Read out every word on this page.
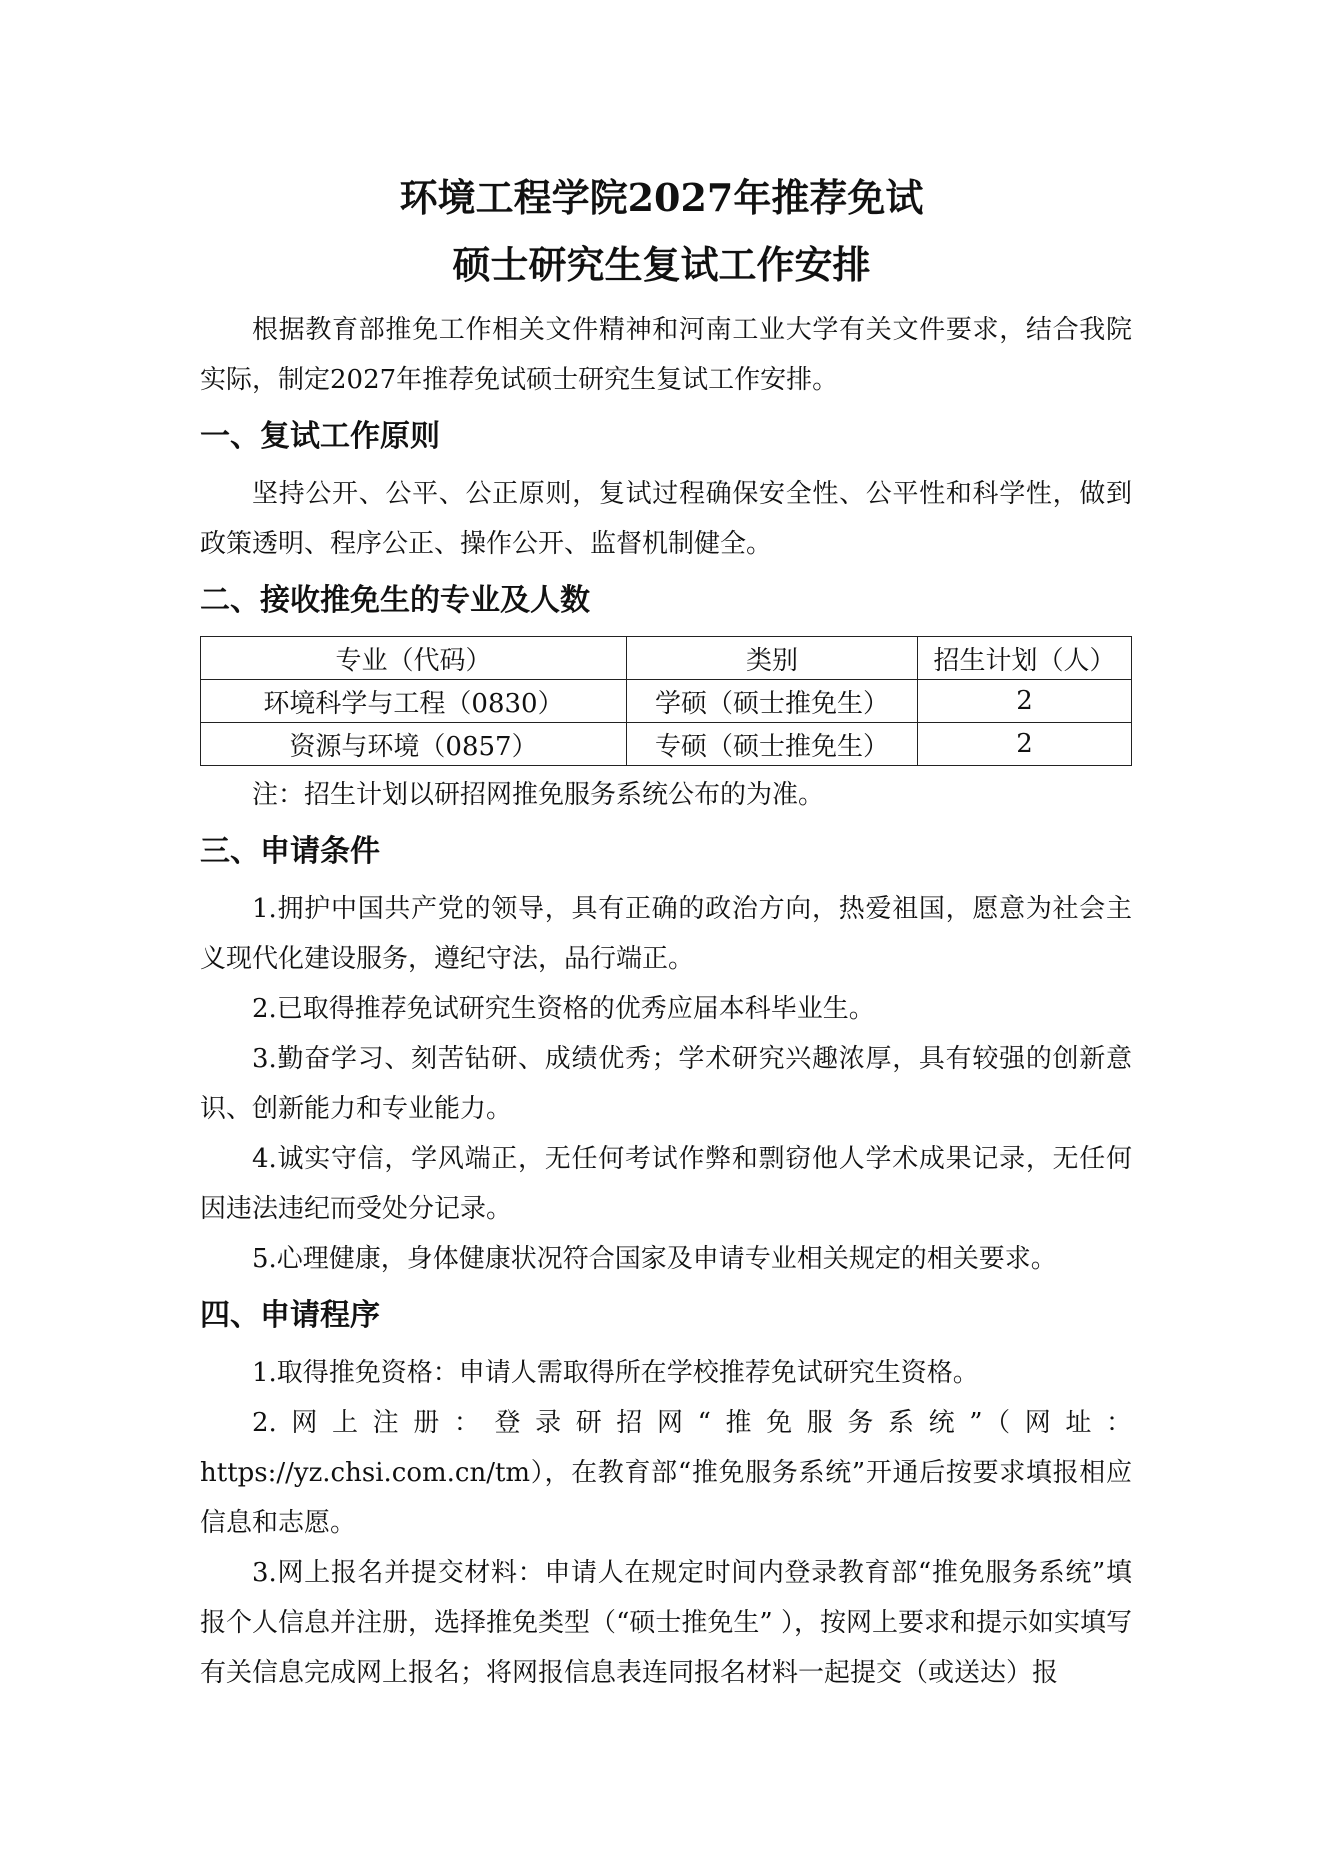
环境工程学院2027年推荐免试
硕士研究生复试工作安排

根据教育部推免工作相关文件精神和河南工业大学有关文件要求，结合我院实际，制定2027年推荐免试硕士研究生复试工作安排。

一、复试工作原则

坚持公开、公平、公正原则，复试过程确保安全性、公平性和科学性，做到政策透明、程序公正、操作公开、监督机制健全。

二、接收推免生的专业及人数
专业（代码）	类别	招生计划（人）
环境科学与工程（0830）	学硕（硕士推免生）	2
资源与环境（0857）	专硕（硕士推免生）	2

注：招生计划以研招网推免服务系统公布的为准。

三、申请条件

1.拥护中国共产党的领导，具有正确的政治方向，热爱祖国，愿意为社会主义现代化建设服务，遵纪守法，品行端正。

2.已取得推荐免试研究生资格的优秀应届本科毕业生。

3.勤奋学习、刻苦钻研、成绩优秀；学术研究兴趣浓厚，具有较强的创新意识、创新能力和专业能力。

4.诚实守信，学风端正，无任何考试作弊和剽窃他人学术成果记录，无任何因违法违纪而受处分记录。

5.心理健康，身体健康状况符合国家及申请专业相关规定的相关要求。

四、申请程序

1.取得推免资格：申请人需取得所在学校推荐免试研究生资格。

2.网上注册：登录研招网“推免服务系统”（网址：https://yz.chsi.com.cn/tm），在教育部“推免服务系统”开通后按要求填报相应信息和志愿。

3.网上报名并提交材料：申请人在规定时间内登录教育部“推免服务系统”填报个人信息并注册，选择推免类型（“硕士推免生” ），按网上要求和提示如实填写有关信息完成网上报名；将网报信息表连同报名材料一起提交（或送达）报
